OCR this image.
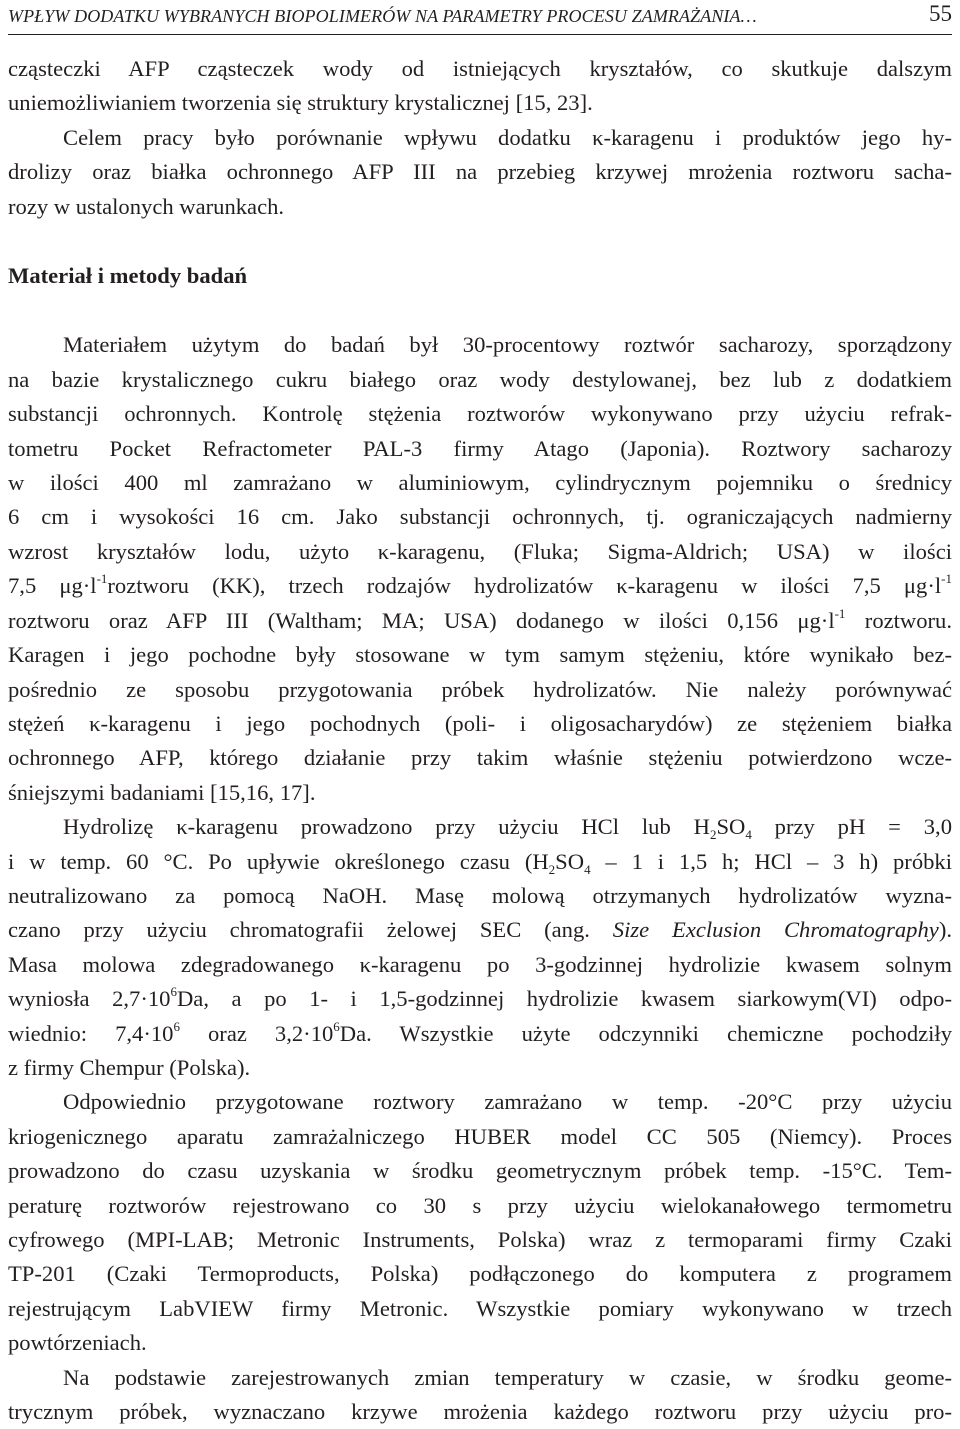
WPŁYW DODATKU WYBRANYCH BIOPOLIMERÓW NA PARAMETRY PROCESU ZAMRAŻANIA…	55

cząsteczki AFP cząsteczek wody od istniejących kryształów, co skutkuje dalszym
uniemożliwianiem tworzenia się struktury krystalicznej [15, 23].

Celem pracy było porównanie wpływu dodatku κ-karagenu i produktów jego hy-
drolizy oraz białka ochronnego AFP III na przebieg krzywej mrożenia roztworu sacha-
rozy w ustalonych warunkach.

Materiał i metody badań

Materiałem użytym do badań był 30-procentowy roztwór sacharozy, sporządzony
na bazie krystalicznego cukru białego oraz wody destylowanej, bez lub z dodatkiem
substancji ochronnych. Kontrolę stężenia roztworów wykonywano przy użyciu refrak-
tometru Pocket Refractometer PAL-3 firmy Atago (Japonia). Roztwory sacharozy
w ilości 400 ml zamrażano w aluminiowym, cylindrycznym pojemniku o średnicy
6 cm i wysokości 16 cm. Jako substancji ochronnych, tj. ograniczających nadmierny
wzrost kryształów lodu, użyto κ-karagenu, (Fluka; Sigma-Aldrich; USA) w ilości
7,5 $\mu g\cdot l^{-1}roztworu$ (KK), trzech rodzajów hydrolizatów κ-karagenu w ilości 7,5 $\mu g\cdot l^{-1}$
roztworu oraz AFP III (Waltham; MA; USA) dodanego w ilości 0,156 $\mu g\cdot l^{-1}$ roztworu.
Karagen i jego pochodne były stosowane w tym samym stężeniu, które wynikało bez-
pośrednio ze sposobu przygotowania próbek hydrolizatów. Nie należy porównywać
stężeń κ-karagenu i jego pochodnych (poli- i oligosacharydów) ze stężeniem białka
ochronnego AFP, którego działanie przy takim właśnie stężeniu potwierdzono wcze-
śniejszymi badaniami [15,16, 17].

Hydrolizę κ-karagenu prowadzono przy użyciu HCl lub $H_2SO_4$ przy pH = 3,0
i w temp. 60 °C. Po upływie określonego czasu ($H_2SO_4 - 1$ i 1,5 h; HCl – 3 h) próbki
neutralizowano za pomocą NaOH. Masę molową otrzymanych hydrolizatów wyzna-
czano przy użyciu chromatografii żelowej SEC (ang. Size Exclusion Chromatography).
Masa molowa zdegradowanego κ-karagenu po 3-godzinnej hydrolizie kwasem solnym
wyniosła $2,7\cdot 10^6Da$, a po 1- i 1,5-godzinnej hydrolizie kwasem siarkowym(VI) odpo-
wiednio: $7,4\cdot 10^6$ oraz $3,2\cdot 10^6Da$. Wszystkie użyte odczynniki chemiczne pochodziły
z firmy Chempur (Polska).

Odpowiednio przygotowane roztwory zamrażano w temp. -20°C przy użyciu
kriogenicznego aparatu zamrażalniczego HUBER model CC 505 (Niemcy). Proces
prowadzono do czasu uzyskania w środku geometrycznym próbek temp. -15°C. Tem-
peraturę roztworów rejestrowano co 30 s przy użyciu wielokanałowego termometru
cyfrowego (MPI-LAB; Metronic Instruments, Polska) wraz z termoparami firmy Czaki
TP-201 (Czaki Termoproducts, Polska) podłączonego do komputera z programem
rejestrującym LabVIEW firmy Metronic. Wszystkie pomiary wykonywano w trzech
powtórzeniach.

Na podstawie zarejestrowanych zmian temperatury w czasie, w środku geome-
trycznym próbek, wyznaczano krzywe mrożenia każdego roztworu przy użyciu pro-
